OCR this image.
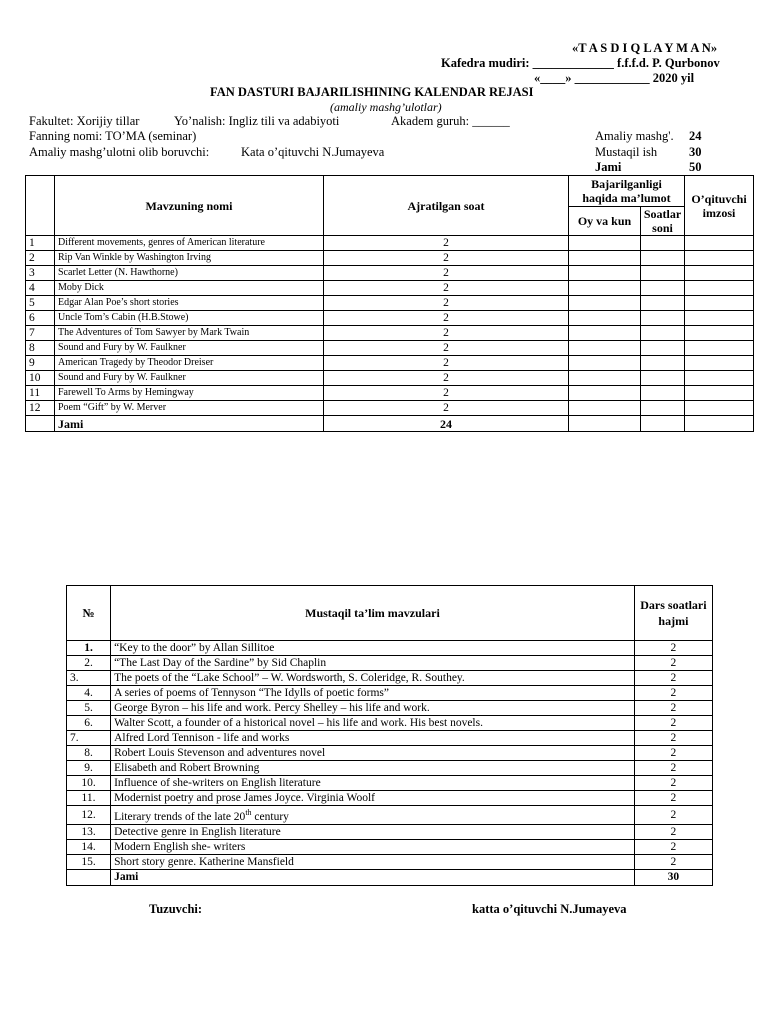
«T A S D I Q L A Y M A N»
Kafedra mudiri: _____________ f.f.f.d. P. Qurbonov
«____» ____________ 2020 yil
FAN DASTURI BAJARILISHINING KALENDAR REJASI
(amaliy mashg’ulotlar)
Fakultet: Xorijiy tillar	Yo’nalish: Ingliz tili va adabiyoti	Akadem guruh: ______
Fanning nomi: TO’MA (seminar)
Amaliy mashg’ulotni olib boruvchi:	Kata o’qituvchi N.Jumayeva
Amaliy mashg'. 24
Mustaqil ish	30
Jami	50
	Mavzuning nomi	Ajratilgan soat	Bajarilganligi haqida ma’lumot		O’qituvchi imzosi
			Oy va kun	Soatlar soni	
1	Different movements, genres of American literature	2			
2	Rip Van Winkle by Washington Irving	2			
3	Scarlet Letter (N. Hawthorne)	2			
4	Moby Dick	2			
5	Edgar Alan Poe’s short stories	2			
6	Uncle Tom’s Cabin (H.B.Stowe)	2			
7	The Adventures of Tom Sawyer by Mark Twain	2			
8	Sound and Fury by W. Faulkner	2			
9	American Tragedy by Theodor Dreiser	2			
10	Sound and Fury by W. Faulkner	2			
11	Farewell To Arms by Hemingway	2			
12	Poem “Gift” by W. Merver	2			
	Jami	24			
№	Mustaqil ta’lim mavzulari	Dars soatlari hajmi
1.	“Key to the door” by Allan Sillitoe	2
2.	“The Last Day of the Sardine” by Sid Chaplin	2
3.	The poets of the “Lake School” – W. Wordsworth, S. Coleridge, R. Southey.	2
4.	A series of poems of Tennyson “The Idylls of poetic forms”	2
5.	George Byron – his life and work. Percy Shelley – his life and work.	2
6.	Walter Scott, a founder of a historical novel – his life and work. His best novels.	2
7.	Alfred Lord Tennison - life and works	2
8.	Robert Louis Stevenson and adventures novel	2
9.	Elisabeth and Robert Browning	2
10.	Influence of she-writers on English literature	2
11.	Modernist poetry and prose James Joyce. Virginia Woolf	2
12.	Literary trends of the late 20th century	2
13.	Detective genre in English literature	2
14.	Modern English she- writers	2
15.	Short story genre. Katherine Mansfield	2
	Jami	30
Tuzuvchi:	katta o’qituvchi N.Jumayeva
